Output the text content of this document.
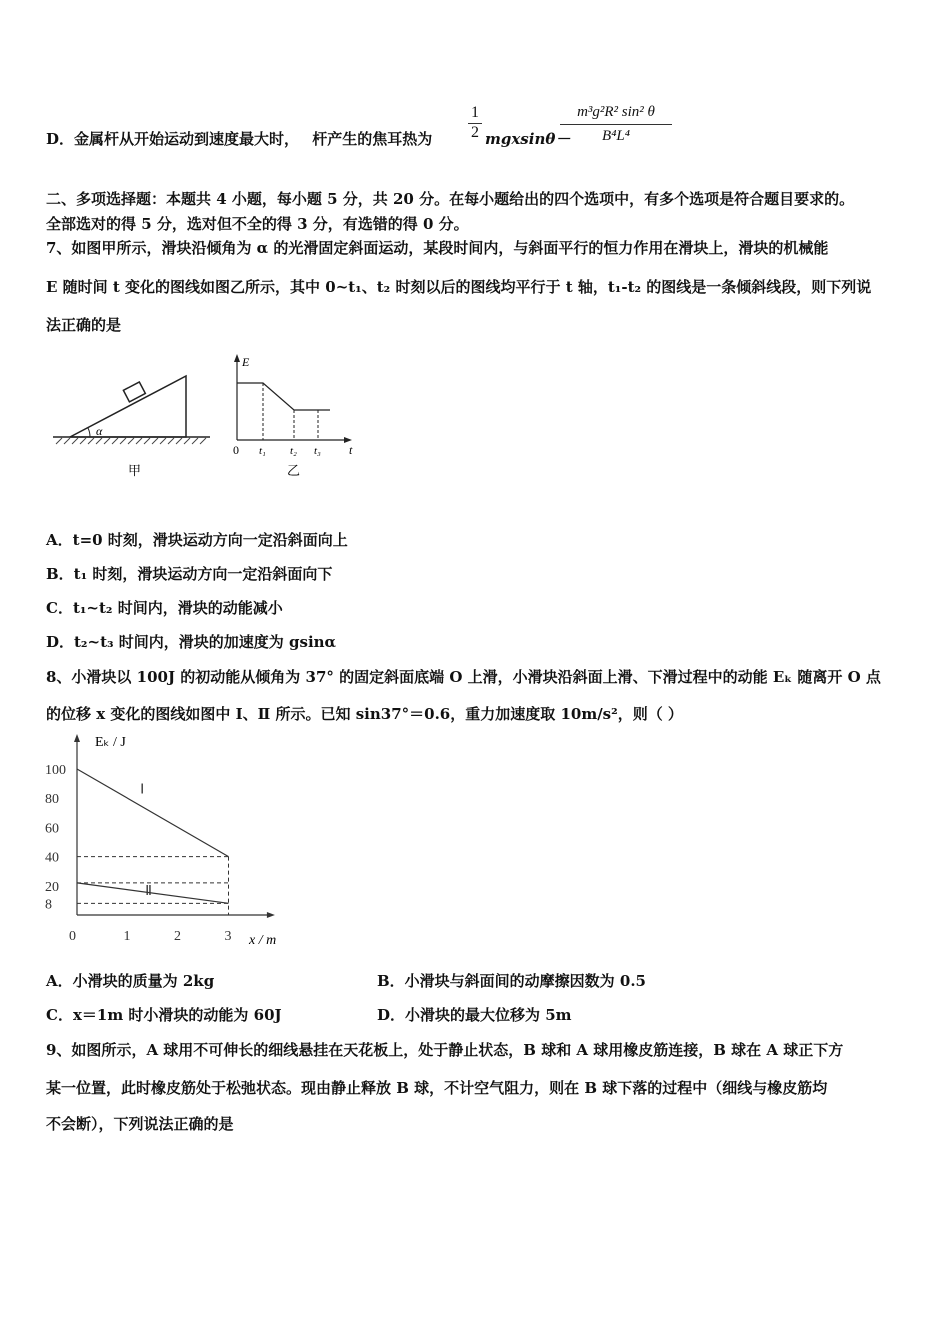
D．金属杆从开始运动到速度最大时， 杆产生的焦耳热为 $\frac{1}{2} mgxsin\theta-$
$\frac{\text{m³g²R² sin² θ}}{\text{B⁴L⁴}}$
二、多项选择题：本题共 4 小题，每小题 5 分，共 20 分。在每小题给出的四个选项中，有多个选项是符合题目要求的。
全部选对的得 5 分，选对但不全的得 3 分，有选错的得 0 分。
7、如图甲所示，滑块沿倾角为 α 的光滑固定斜面运动，某段时间内，与斜面平行的恒力作用在滑块上，滑块的机械能
E 随时间 t 变化的图线如图乙所示，其中 0~t₁、t₂ 时刻以后的图线均平行于 t 轴，t₁-t₂ 的图线是一条倾斜线段，则下列说
法正确的是
α
甲
E
0 t₁ t₂ t₃ t
乙
A．t=0 时刻，滑块运动方向一定沿斜面向上
B．t₁ 时刻，滑块运动方向一定沿斜面向下
C．t₁~t₂ 时间内，滑块的动能减小
D．t₂~t₃ 时间内，滑块的加速度为 gsinα
8、小滑块以 100J 的初动能从倾角为 37° 的固定斜面底端 O 上滑，小滑块沿斜面上滑、下滑过程中的动能 Eₖ 随离开 O 点
的位移 x 变化的图线如图中 Ⅰ、Ⅱ 所示。已知 sin37°＝0.6，重力加速度取 10m/s²，则（ ）
Eₖ / J
x / m
100
80
60
40
20
8
0	1	2	3
Ⅰ
Ⅱ
A．小滑块的质量为 2kg	B．小滑块与斜面间的动摩擦因数为 0.5
C．x＝1m 时小滑块的动能为 60J	D．小滑块的最大位移为 5m
9、如图所示，A 球用不可伸长的细线悬挂在天花板上，处于静止状态，B 球和 A 球用橡皮筋连接，B 球在 A 球正下方
某一位置，此时橡皮筋处于松弛状态。现由静止释放 B 球，不计空气阻力，则在 B 球下落的过程中（细线与橡皮筋均
不会断），下列说法正确的是
